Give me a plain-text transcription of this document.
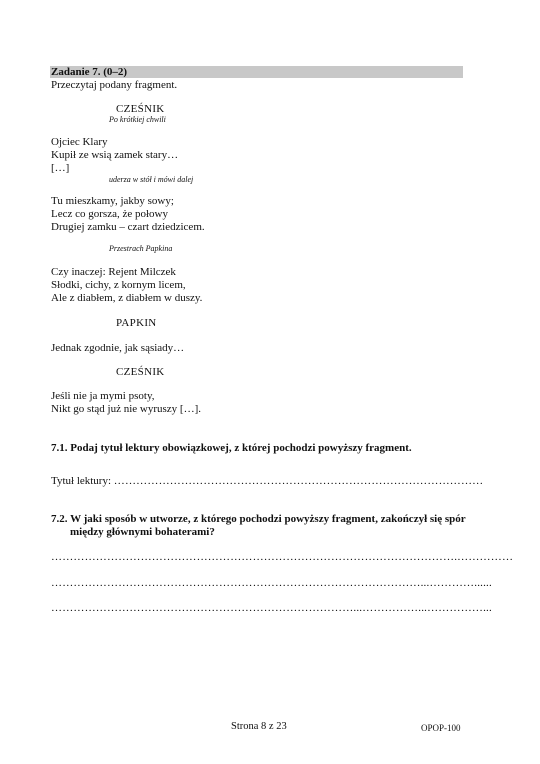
Zadanie 7. (0–2)
Przeczytaj podany fragment.
CZEŚNIK
Po krótkiej chwili
Ojciec Klary
Kupił ze wsią zamek stary…
[…]
uderza w stół i mówi dalej
Tu mieszkamy, jakby sowy;
Lecz co gorsza, że połowy
Drugiej zamku – czart dziedzicem.
Przestrach Papkina
Czy inaczej: Rejent Milczek
Słodki, cichy, z kornym licem,
Ale z diabłem, z diabłem w duszy.
PAPKIN
Jednak zgodnie, jak sąsiady…
CZEŚNIK
Jeśli nie ja mymi psoty,
Nikt go stąd już nie wyruszy […].
7.1. Podaj tytuł lektury obowiązkowej, z której pochodzi powyższy fragment.
Tytuł lektury: ………………………………………………………………………………………
7.2. W jaki sposób w utworze, z którego pochodzi powyższy fragment, zakończył się spór
między głównymi bohaterami?
……………………………………………………………………………………………….……………
………………………………………………………………………………………...…………......
………………………………………………………………………...……………...……………...
Strona 8 z 23	OPOP-100
